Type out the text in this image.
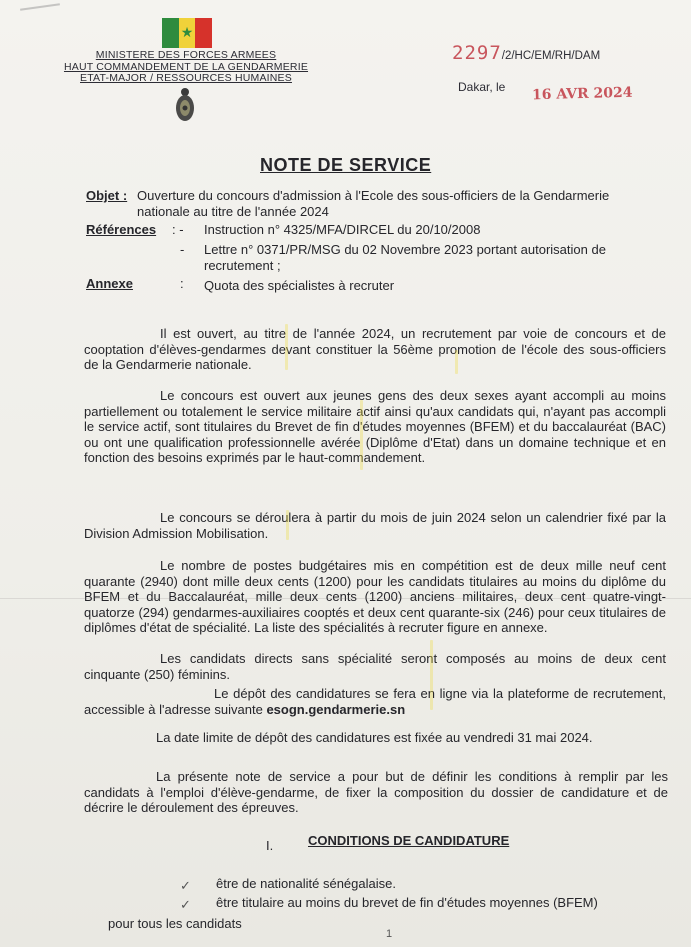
★
MINISTERE DES FORCES ARMEES
HAUT COMMANDEMENT DE LA GENDARMERIE
ETAT-MAJOR / RESSOURCES HUMAINES
2297/2/HC/EM/RH/DAM
Dakar, le 16 AVR 2024
NOTE DE SERVICE
Objet : Ouverture du concours d'admission à l'Ecole des sous-officiers de la Gendarmerie
nationale au titre de l'année 2024
Références : - Instruction n° 4325/MFA/DIRCEL du 20/10/2008
- Lettre n° 0371/PR/MSG du 02 Novembre 2023 portant autorisation de
recrutement ;
Annexe	: Quota des spécialistes à recruter
Il est ouvert, au titre de l'année 2024, un recrutement par voie de concours et de cooptation d'élèves-gendarmes devant constituer la 56ème promotion de l'école des sous-officiers de la Gendarmerie nationale.
Le concours est ouvert aux jeunes gens des deux sexes ayant accompli au moins partiellement ou totalement le service militaire actif ainsi qu'aux candidats qui, n'ayant pas accompli le service actif, sont titulaires du Brevet de fin d'études moyennes (BFEM) et du baccalauréat (BAC) ou ont une qualification professionnelle avérée (Diplôme d'Etat) dans un domaine technique et en fonction des besoins exprimés par le haut-commandement.
Le concours se déroulera à partir du mois de juin 2024 selon un calendrier fixé par la Division Admission Mobilisation.
Le nombre de postes budgétaires mis en compétition est de deux mille neuf cent quarante (2940) dont mille deux cents (1200) pour les candidats titulaires au moins du diplôme du BFEM et du Baccalauréat, mille deux cents (1200) anciens militaires, deux cent quatre-vingt-quatorze (294) gendarmes-auxiliaires cooptés et deux cent quarante-six (246) pour ceux titulaires de diplômes d'état de spécialité. La liste des spécialités à recruter figure en annexe.
Les candidats directs sans spécialité seront composés au moins de deux cent cinquante (250) féminins.
Le dépôt des candidatures se fera en ligne via la plateforme de recrutement, accessible à l'adresse suivante esogn.gendarmerie.sn
La date limite de dépôt des candidatures est fixée au vendredi 31 mai 2024.
La présente note de service a pour but de définir les conditions à remplir par les candidats à l'emploi d'élève-gendarme, de fixer la composition du dossier de candidature et de décrire le déroulement des épreuves.
I.	CONDITIONS DE CANDIDATURE
✓ être de nationalité sénégalaise.
✓ être titulaire au moins du brevet de fin d'études moyennes (BFEM)
pour tous les candidats
1
